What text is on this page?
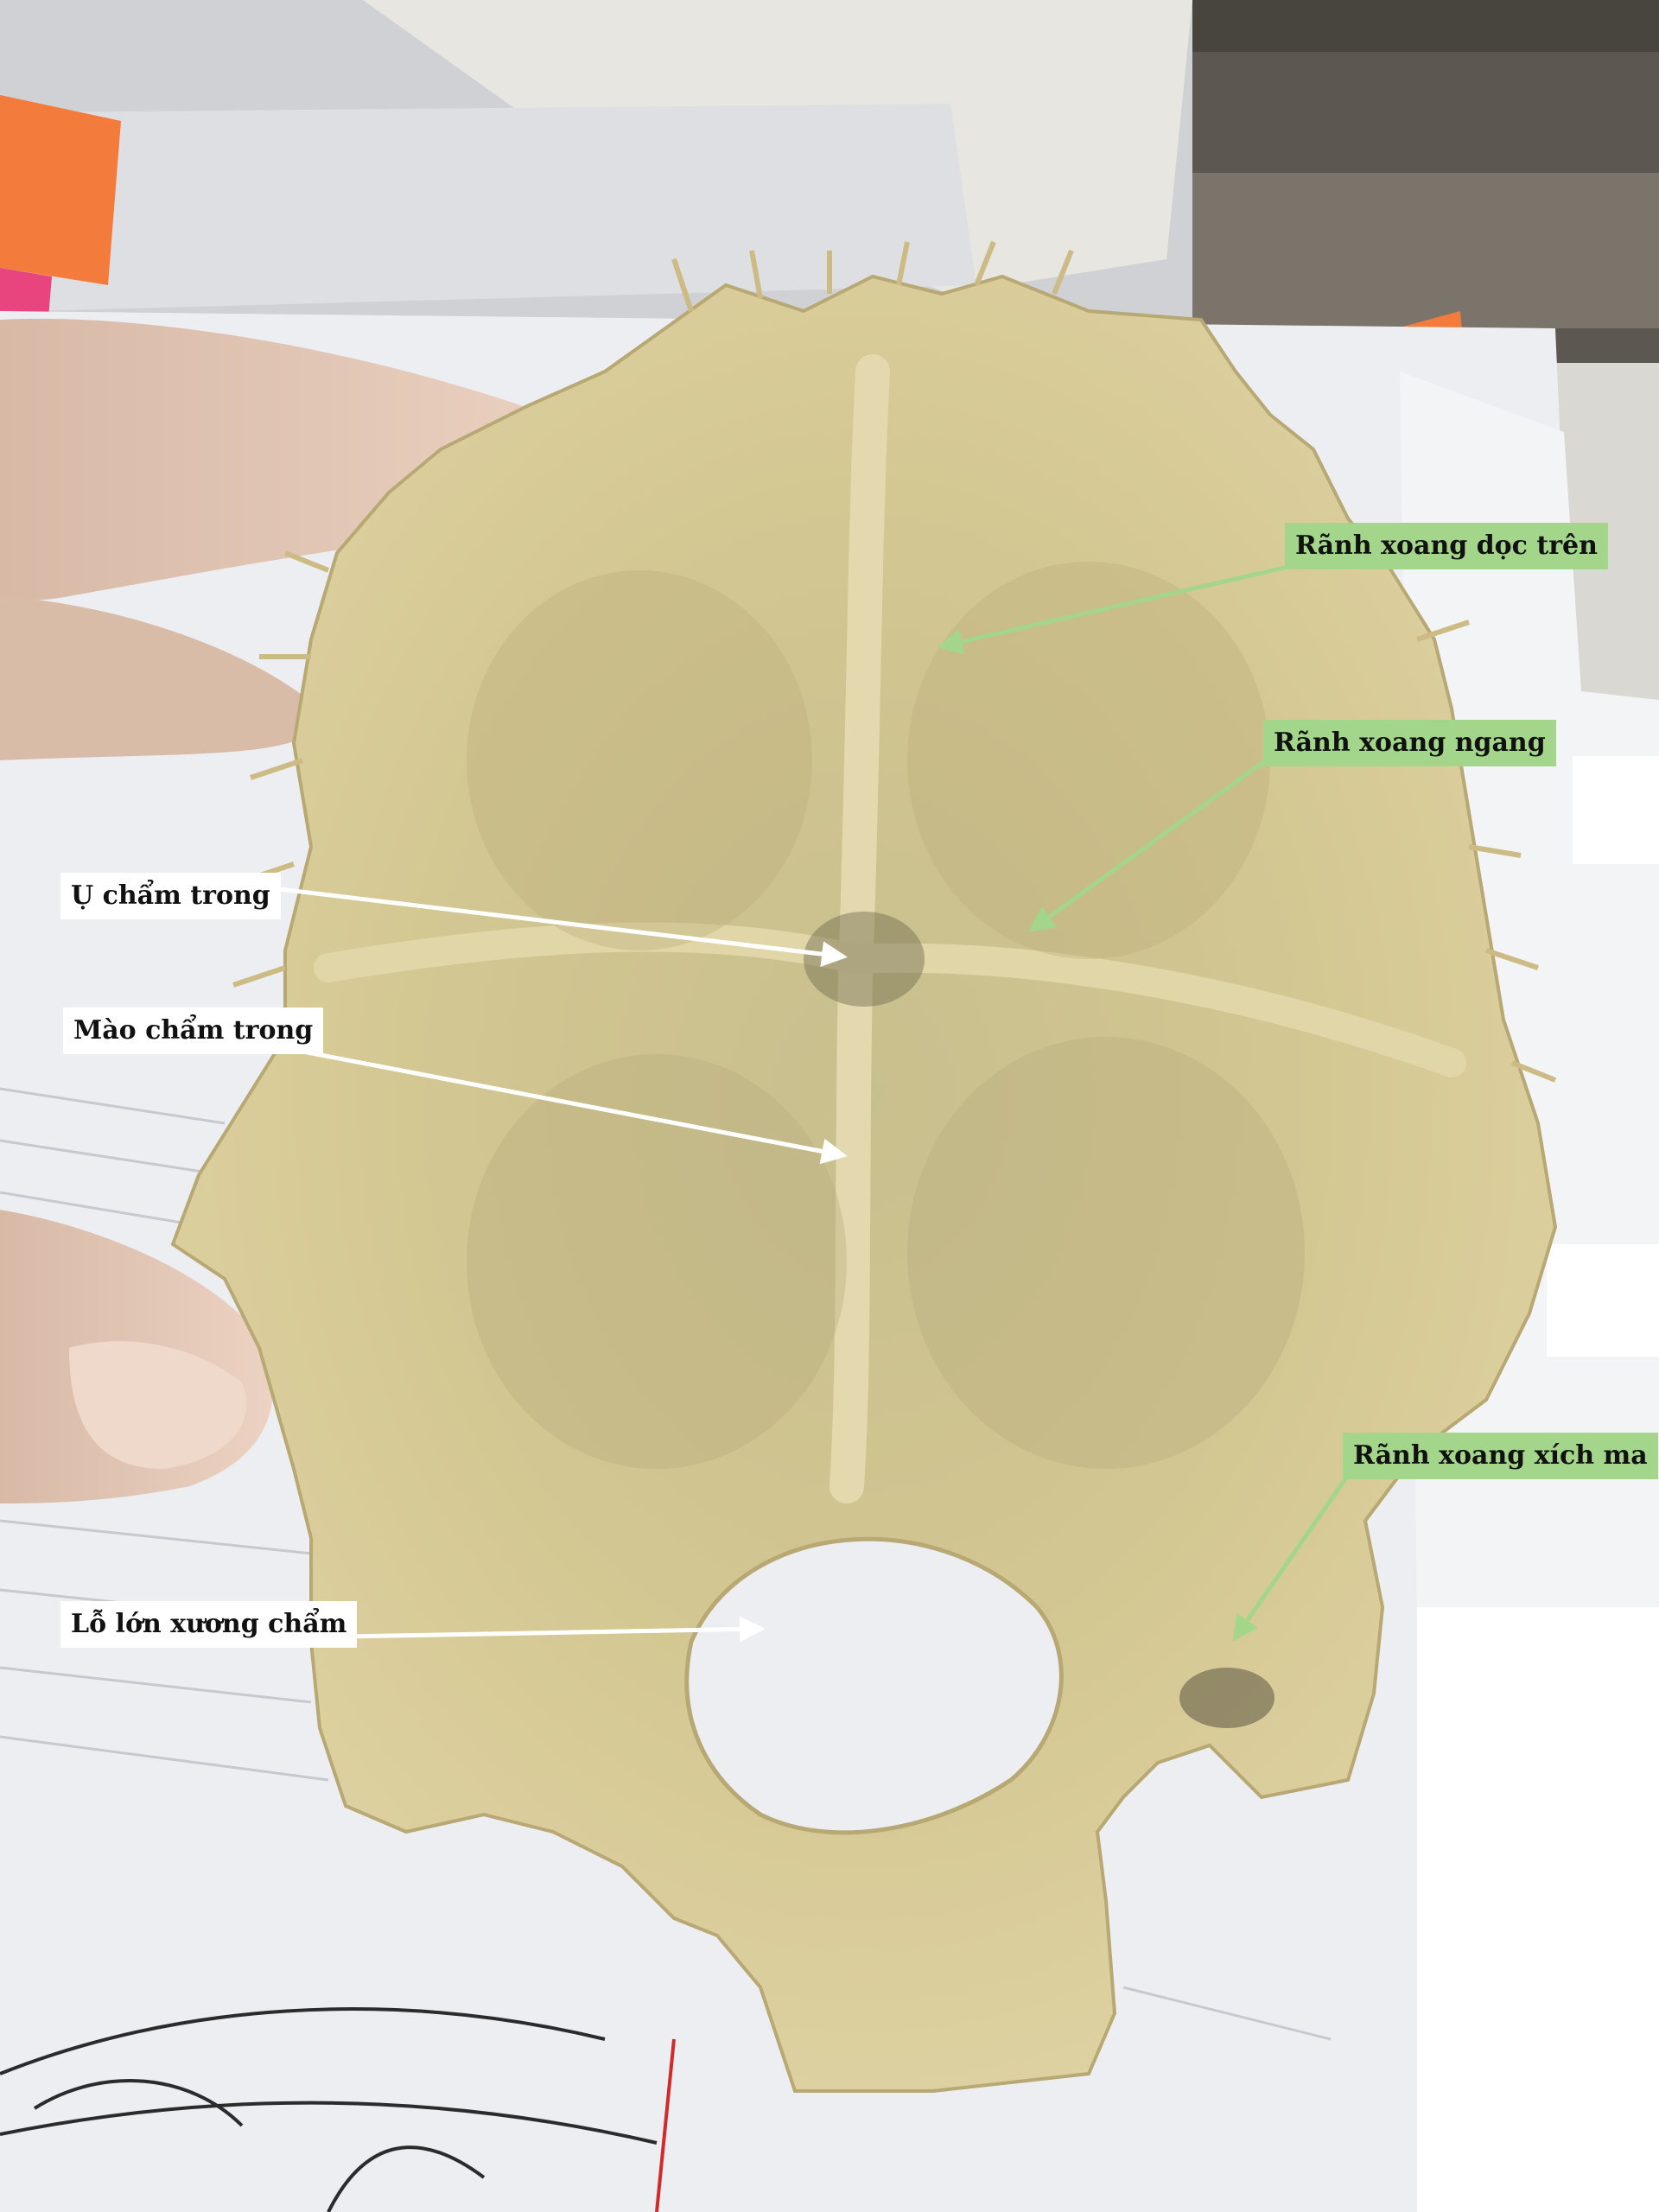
Rãnh xoang dọc trên
Rãnh xoang ngang
Ụ chẩm trong
Mào chẩm trong
Rãnh xoang xích ma
Lỗ lớn xương chẩm
